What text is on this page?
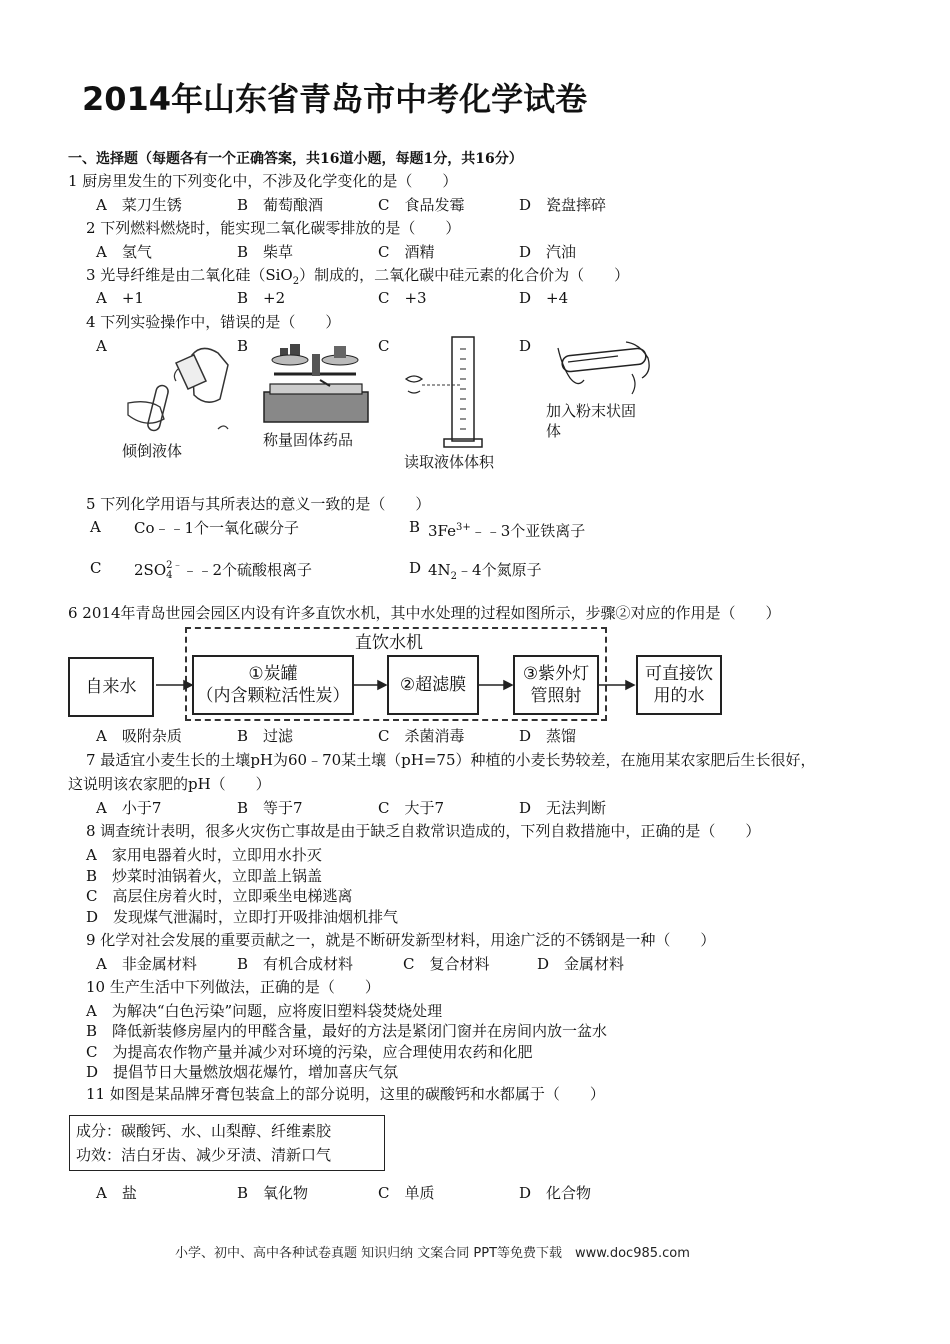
2014年山东省青岛市中考化学试卷
一、选择题（每题各有一个正确答案，共16道小题，每题1分，共16分）
1 厨房里发生的下列变化中，不涉及化学变化的是（　　）
A　菜刀生锈	B　葡萄酿酒	C　食品发霉	D　瓷盘摔碎
2 下列燃料燃烧时，能实现二氧化碳零排放的是（　　）
A　氢气	B　柴草	C　酒精	D　汽油
3 光导纤维是由二氧化硅（SiO$_2$）制成的，二氧化碳中硅元素的化合价为（　　）
A　+1	B　+2	C　+3	D　+4
4 下列实验操作中，错误的是（　　）
A	B	C	D
倾倒液体
称量固体药品
读取液体体积
加入粉末状固体
5 下列化学用语与其所表达的意义一致的是（　　）
A Co﹣﹣1个一氧化碳分子	B $3Fe^{3+}﹣﹣3$个亚铁离子
C 2SO 2﹣
4 ﹣﹣2个硫酸根离子	D $4N_2﹣4$个氮原子
6 2014年青岛世园会园区内设有许多直饮水机，其中水处理的过程如图所示，步骤②对应的作用是（　　）
直饮水机
自来水
①炭罐
（内含颗粒活性炭）
②超滤膜
③紫外灯
管照射
可直接饮
用的水
A　吸附杂质	B　过滤	C　杀菌消毒	D　蒸馏
7 最适宜小麦生长的土壤pH为60﹣70某土壤（pH=75）种植的小麦长势较差，在施用某农家肥后生长很好，
这说明该农家肥的pH（　　）
A　小于7	B　等于7	C　大于7	D　无法判断
8 调查统计表明，很多火灾伤亡事故是由于缺乏自救常识造成的，下列自救措施中，正确的是（　　）
A　家用电器着火时，立即用水扑灭
B　炒菜时油锅着火，立即盖上锅盖
C　高层住房着火时，立即乘坐电梯逃离
D　发现煤气泄漏时，立即打开吸排油烟机排气
9 化学对社会发展的重要贡献之一，就是不断研发新型材料，用途广泛的不锈钢是一种（　　）
A　非金属材料	B　有机合成材料	C　复合材料	D　金属材料
10 生产生活中下列做法，正确的是（　　）
A　为解决“白色污染”问题，应将废旧塑料袋焚烧处理
B　降低新装修房屋内的甲醛含量，最好的方法是紧闭门窗并在房间内放一盆水
C　为提高农作物产量并减少对环境的污染，应合理使用农药和化肥
D　提倡节日大量燃放烟花爆竹，增加喜庆气氛
11 如图是某品牌牙膏包装盒上的部分说明，这里的碳酸钙和水都属于（　　）
成分：碳酸钙、水、山梨醇、纤维素胶
功效：洁白牙齿、减少牙渍、清新口气
A　盐	B　氧化物	C　单质	D　化合物
小学、初中、高中各种试卷真题 知识归纳 文案合同 PPT等免费下载　www.doc985.com
